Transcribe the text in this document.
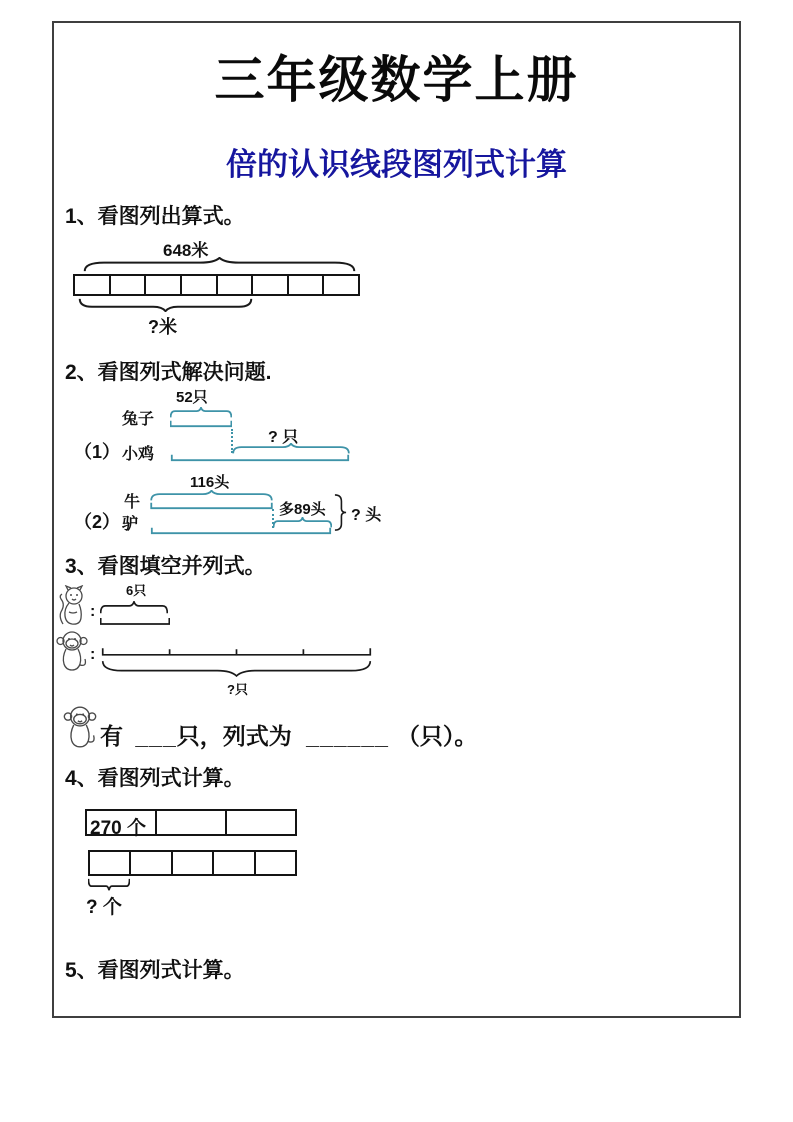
三年级数学上册
倍的认识线段图列式计算
1、看图列出算式。
648米
?米
2、看图列式解决问题.
52只
兔子
? 只
（1） 小鸡
116头
牛	多89头 ? 头
（2） 驴
3、看图填空并列式。
:
6只
:
?只
有 ___只，列式为 ______ （只）。
4、看图列式计算。
270 个
? 个
5、看图列式计算。
